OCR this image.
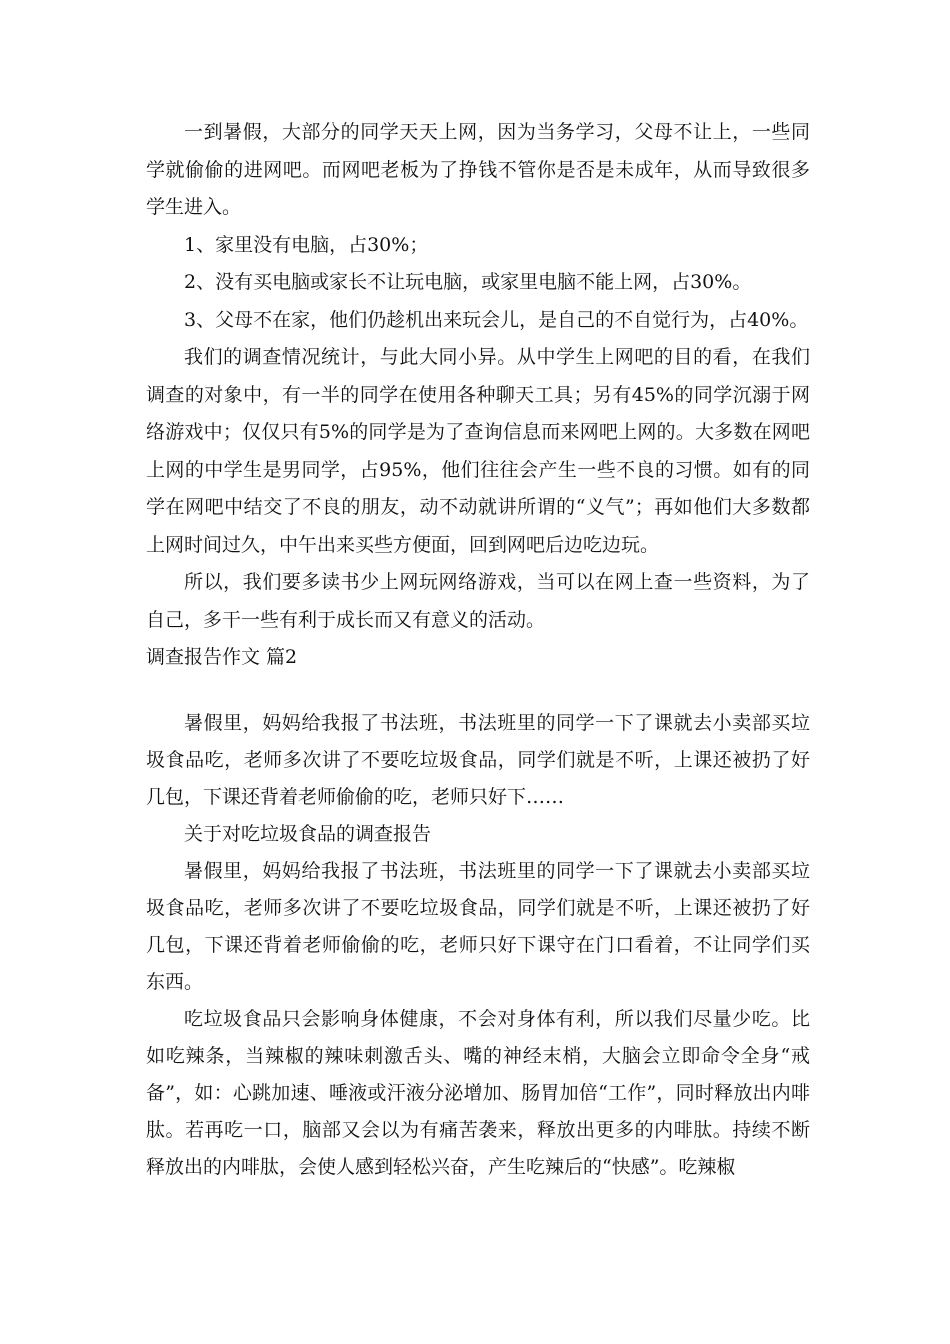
一到暑假，大部分的同学天天上网，因为当务学习，父母不让上，一些同学就偷偷的进网吧。而网吧老板为了挣钱不管你是否是未成年，从而导致很多学生进入。

1、家里没有电脑，占30%；

2、没有买电脑或家长不让玩电脑，或家里电脑不能上网，占30%。

3、父母不在家，他们仍趁机出来玩会儿，是自己的不自觉行为，占40%。

我们的调查情况统计，与此大同小异。从中学生上网吧的目的看，在我们调查的对象中，有一半的同学在使用各种聊天工具；另有45%的同学沉溺于网络游戏中；仅仅只有5%的同学是为了查询信息而来网吧上网的。大多数在网吧上网的中学生是男同学，占95%，他们往往会产生一些不良的习惯。如有的同学在网吧中结交了不良的朋友，动不动就讲所谓的“义气”；再如他们大多数都上网时间过久，中午出来买些方便面，回到网吧后边吃边玩。

所以，我们要多读书少上网玩网络游戏，当可以在网上查一些资料，为了自己，多干一些有利于成长而又有意义的活动。

调查报告作文 篇2

暑假里，妈妈给我报了书法班，书法班里的同学一下了课就去小卖部买垃圾食品吃，老师多次讲了不要吃垃圾食品，同学们就是不听，上课还被扔了好几包，下课还背着老师偷偷的吃，老师只好下……

关于对吃垃圾食品的调查报告

暑假里，妈妈给我报了书法班，书法班里的同学一下了课就去小卖部买垃圾食品吃，老师多次讲了不要吃垃圾食品，同学们就是不听，上课还被扔了好几包，下课还背着老师偷偷的吃，老师只好下课守在门口看着，不让同学们买东西。

吃垃圾食品只会影响身体健康，不会对身体有利，所以我们尽量少吃。比如吃辣条，当辣椒的辣味刺激舌头、嘴的神经末梢，大脑会立即命令全身“戒备”，如：心跳加速、唾液或汗液分泌增加、肠胃加倍“工作”，同时释放出内啡肽。若再吃一口，脑部又会以为有痛苦袭来，释放出更多的内啡肽。持续不断释放出的内啡肽，会使人感到轻松兴奋，产生吃辣后的“快感”。吃辣椒
